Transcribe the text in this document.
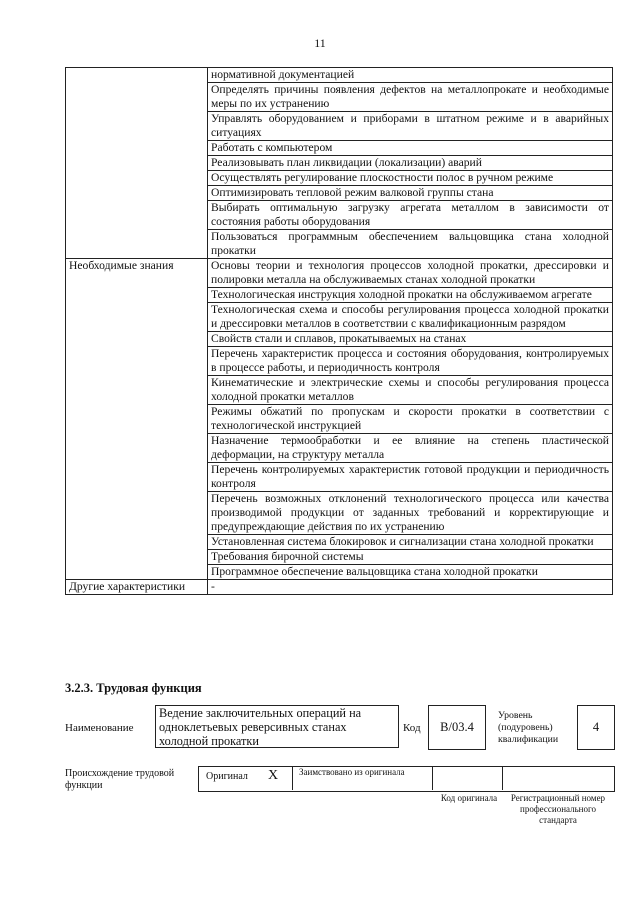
11
	нормативной документацией
	Определять причины появления дефектов на металлопрокате и необходимые меры по их устранению
	Управлять оборудованием и приборами в штатном режиме и в аварийных ситуациях
	Работать с компьютером
	Реализовывать план ликвидации (локализации) аварий
	Осуществлять регулирование плоскостности полос в ручном режиме
	Оптимизировать тепловой режим валковой группы стана
	Выбирать оптимальную загрузку агрегата металлом в зависимости от состояния работы оборудования
	Пользоваться программным обеспечением вальцовщика стана холодной прокатки
Необходимые знания	Основы теории и технология процессов холодной прокатки, дрессировки и полировки металла на обслуживаемых станах холодной прокатки
	Технологическая инструкция холодной прокатки на обслуживаемом агрегате
	Технологическая схема и способы регулирования процесса холодной прокатки и дрессировки металлов в соответствии с квалификационным разрядом
	Свойств стали и сплавов, прокатываемых на станах
	Перечень характеристик процесса и состояния оборудования, контролируемых в процессе работы, и периодичность контроля
	Кинематические и электрические схемы и способы регулирования процесса холодной прокатки металлов
	Режимы обжатий по пропускам и скорости прокатки в соответствии с технологической инструкцией
	Назначение термообработки и ее влияние на степень пластической деформации, на структуру металла
	Перечень контролируемых характеристик готовой продукции и периодичность контроля
	Перечень возможных отклонений технологического процесса или качества производимой продукции от заданных требований и корректирующие и предупреждающие действия по их устранению
	Установленная система блокировок и сигнализации стана холодной прокатки
	Требования бирочной системы
	Программное обеспечение вальцовщика стана холодной прокатки
Другие характеристики	-
3.2.3. Трудовая функция
Наименование
Ведение заключительных операций на одноклетьевых реверсивных станах холодной прокатки
Код	B/03.4
Уровень (подуровень) квалификации
4
Происхождение трудовой функции
Оригинал X Заимствовано из оригинала
Код оригинала	Регистрационный номер профессионального стандарта
